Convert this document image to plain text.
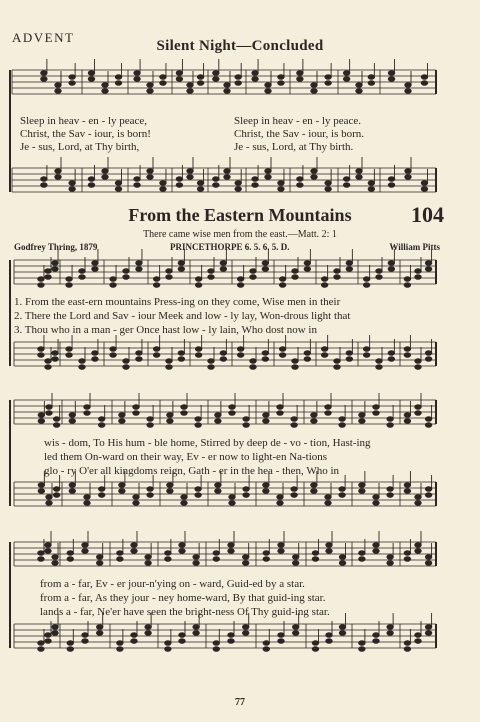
ADVENT
Silent Night—Concluded
Sleep in heav - en - ly peace,	Sleep in heav - en - ly peace.
Christ, the Sav - iour, is born!	Christ, the Sav - iour, is born.
Je - sus, Lord, at Thy birth,	Je - sus, Lord, at Thy birth.
From the Eastern Mountains	104
There came wise men from the east.—Matt. 2: 1
Godfrey Thring, 1879	PRINCETHORPE 6. 5. 6. 5. D.	William Pitts
1. From the east-ern mountains Press-ing on they come, Wise men in their
2. There the Lord and Sav - iour Meek and low - ly lay, Won-drous light that
3. Thou who in a man - ger Once hast low - ly lain, Who dost now in
wis - dom, To His hum - ble home, Stirred by deep de - vo - tion, Hast-ing
led them On-ward on their way, Ev - er now to light-en Na-tions
glo - ry O'er all kingdoms reign, Gath - er in the hea - then, Who in
from a - far, Ev - er jour-n'ying on - ward, Guid-ed by a star.
from a - far, As they jour - ney home-ward, By that guid-ing star.
lands a - far, Ne'er have seen the bright-ness Of Thy guid-ing star.
77
